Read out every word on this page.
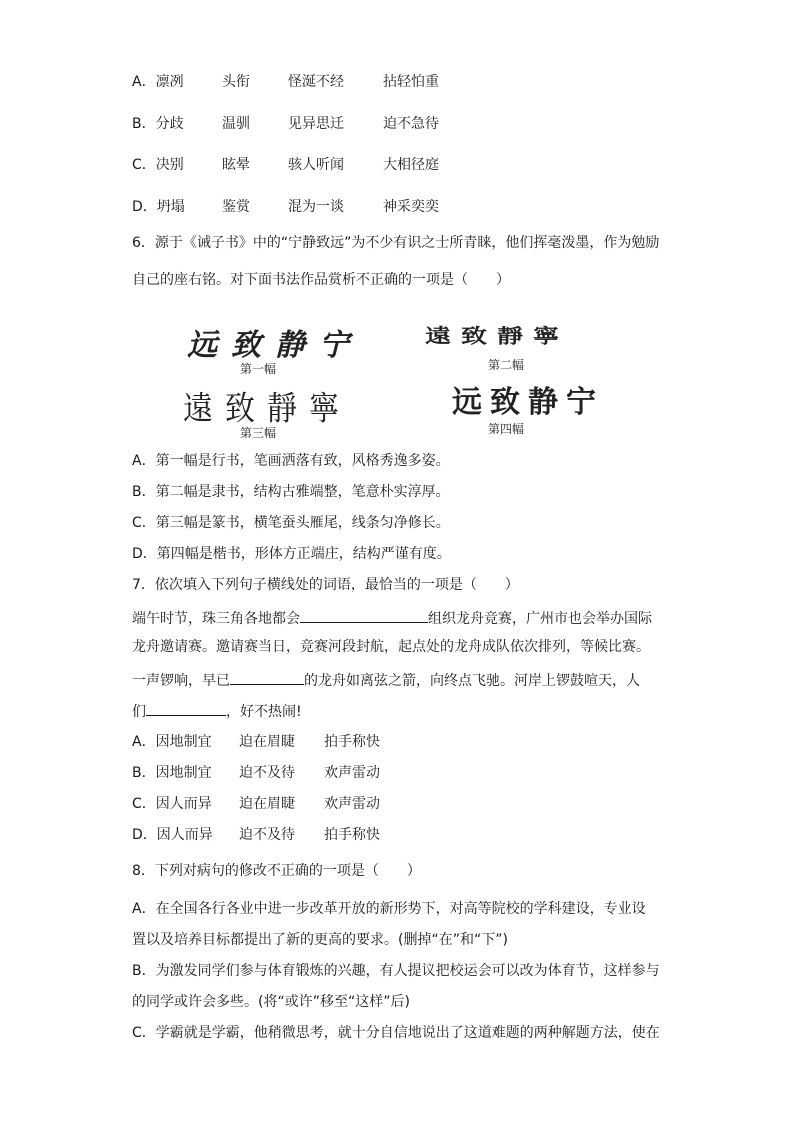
A．凛冽	头衔	怪涎不经	拈轻怕重
B．分歧	温驯	见异思迁	迫不急待
C．决别	眩晕	骇人听闻	大相径庭
D．坍塌	鉴赏	混为一谈	神采奕奕
6．源于《诫子书》中的“宁静致远”为不少有识之士所青睐，他们挥毫泼墨，作为勉励
自己的座右铭。对下面书法作品赏析不正确的一项是（　　）
远致静宁
第一幅
遠致靜寧
第二幅
遠致靜寧
第三幅
远致静宁
第四幅
A．第一幅是行书，笔画洒落有致，风格秀逸多姿。
B．第二幅是隶书，结构古雅端整，笔意朴实淳厚。
C．第三幅是篆书，横笔蚕头雁尾，线条匀净修长。
D．第四幅是楷书，形体方正端庄，结构严谨有度。
7．依次填入下列句子横线处的词语，最恰当的一项是（　　）
端午时节，珠三角各地都会	组织龙舟竞赛，广州市也会举办国际
龙舟邀请赛。邀请赛当日，竞赛河段封航，起点处的龙舟成队依次排列，等候比赛。
一声锣响，早已	的龙舟如离弦之箭，向终点飞驰。河岸上锣鼓喧天，人
们	，好不热闹!
A．因地制宜	迫在眉睫	拍手称快
B．因地制宜	迫不及待	欢声雷动
C．因人而异	迫在眉睫	欢声雷动
D．因人而异	迫不及待	拍手称快
8．下列对病句的修改不正确的一项是（　　）
A．在全国各行各业中进一步改革开放的新形势下，对高等院校的学科建设，专业设
置以及培养目标都提出了新的更高的要求。(删掉“在”和“下”)
B．为激发同学们参与体育锻炼的兴趣，有人提议把校运会可以改为体育节，这样参与
的同学或许会多些。(将“或许”移至“这样”后)
C．学霸就是学霸，他稍微思考，就十分自信地说出了这道难题的两种解题方法，使在
